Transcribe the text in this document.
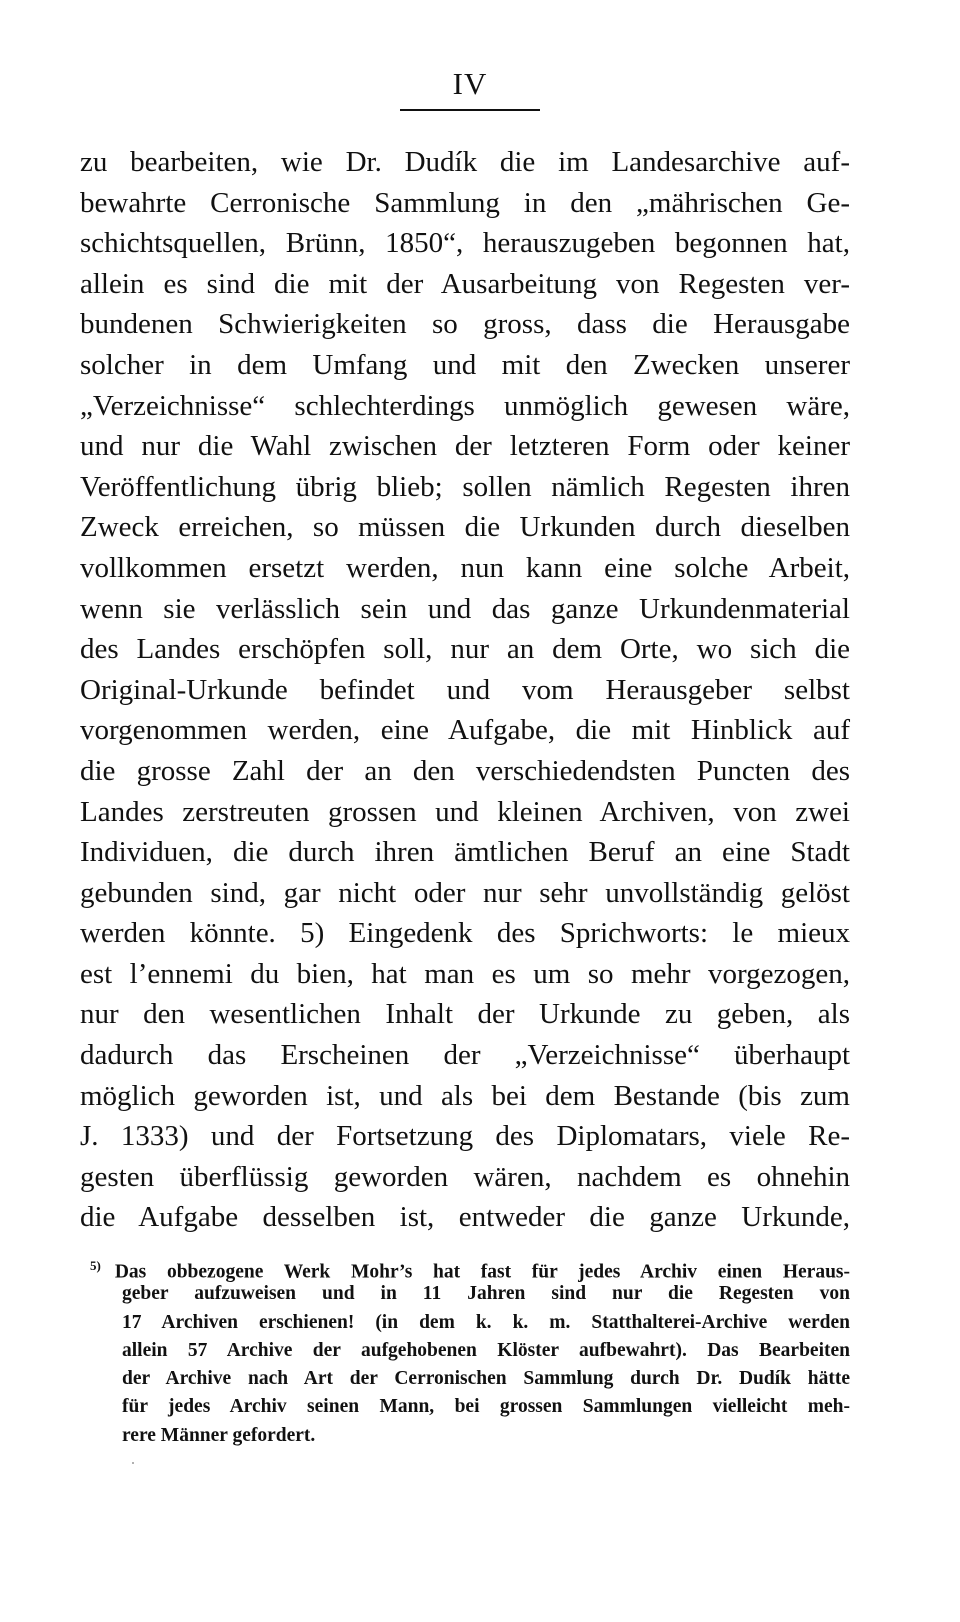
IV
zu bearbeiten, wie Dr. Dudík die im Landesarchive auf-
bewahrte Cerronische Sammlung in den „mährischen Ge-
schichtsquellen, Brünn, 1850“, herauszugeben begonnen hat,
allein es sind die mit der Ausarbeitung von Regesten ver-
bundenen Schwierigkeiten so gross, dass die Herausgabe
solcher in dem Umfang und mit den Zwecken unserer
„Verzeichnisse“ schlechterdings unmöglich gewesen wäre,
und nur die Wahl zwischen der letzteren Form oder keiner
Veröffentlichung übrig blieb; sollen nämlich Regesten ihren
Zweck erreichen, so müssen die Urkunden durch dieselben
vollkommen ersetzt werden, nun kann eine solche Arbeit,
wenn sie verlässlich sein und das ganze Urkundenmaterial
des Landes erschöpfen soll, nur an dem Orte, wo sich die
Original-Urkunde befindet und vom Herausgeber selbst
vorgenommen werden, eine Aufgabe, die mit Hinblick auf
die grosse Zahl der an den verschiedendsten Puncten des
Landes zerstreuten grossen und kleinen Archiven, von zwei
Individuen, die durch ihren ämtlichen Beruf an eine Stadt
gebunden sind, gar nicht oder nur sehr unvollständig gelöst
werden könnte. 5) Eingedenk des Sprichworts: le mieux
est l’ennemi du bien, hat man es um so mehr vorgezogen,
nur den wesentlichen Inhalt der Urkunde zu geben, als
dadurch das Erscheinen der „Verzeichnisse“ überhaupt
möglich geworden ist, und als bei dem Bestande (bis zum
J. 1333) und der Fortsetzung des Diplomatars, viele Re-
gesten überflüssig geworden wären, nachdem es ohnehin
die Aufgabe desselben ist, entweder die ganze Urkunde,
$^{5)}$ Das obbezogene Werk Mohr’s hat fast für jedes Archiv einen Heraus-
geber aufzuweisen und in 11 Jahren sind nur die Regesten von
17 Archiven erschienen! (in dem k. k. m. Statthalterei-Archive werden
allein 57 Archive der aufgehobenen Klöster aufbewahrt). Das Bearbeiten
der Archive nach Art der Cerronischen Sammlung durch Dr. Dudík hätte
für jedes Archiv seinen Mann, bei grossen Sammlungen vielleicht meh-
rere Männer gefordert.
